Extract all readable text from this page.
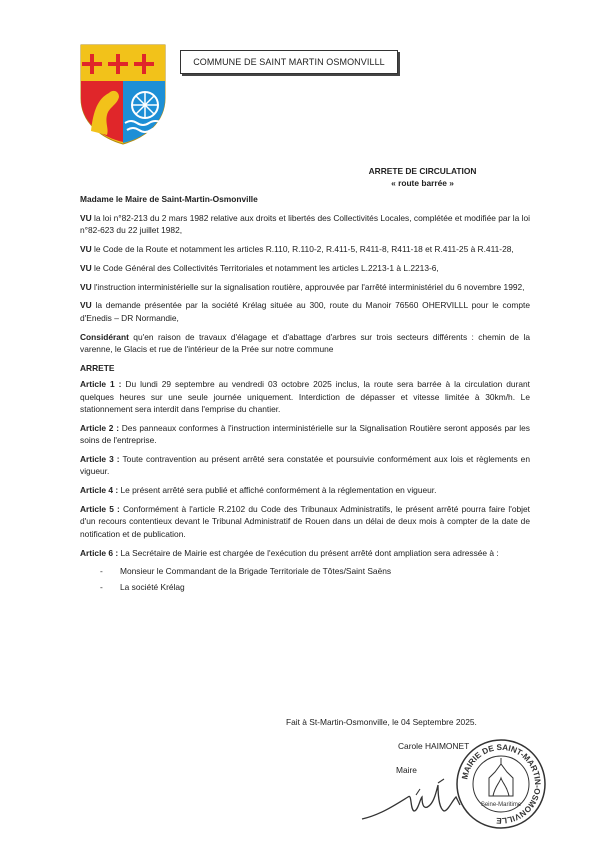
COMMUNE DE SAINT MARTIN OSMONVILLL
ARRETE DE CIRCULATION
« route barrée »

Madame le Maire de Saint-Martin-Osmonville

VU la loi n°82-213 du 2 mars 1982 relative aux droits et libertés des Collectivités Locales, complétée et modifiée par la loi n°82-623 du 22 juillet 1982,

VU le Code de la Route et notamment les articles R.110, R.110-2, R.411-5, R411-8, R411-18 et R.411-25 à R.411-28,

VU le Code Général des Collectivités Territoriales et notamment les articles L.2213-1 à L.2213-6,

VU l'instruction interministérielle sur la signalisation routière, approuvée par l'arrêté interministériel du 6 novembre 1992,

VU la demande présentée par la société Krélag située au 300, route du Manoir 76560 OHERVILLL pour le compte d'Enedis – DR Normandie,

Considérant qu'en raison de travaux d'élagage et d'abattage d'arbres sur trois secteurs différents : chemin de la varenne, le Glacis et rue de l'intérieur de la Prée sur notre commune

ARRETE

Article 1 : Du lundi 29 septembre au vendredi 03 octobre 2025 inclus, la route sera barrée à la circulation durant quelques heures sur une seule journée uniquement. Interdiction de dépasser et vitesse limitée à 30km/h. Le stationnement sera interdit dans l'emprise du chantier.

Article 2 : Des panneaux conformes à l'instruction interministérielle sur la Signalisation Routière seront apposés par les soins de l'entreprise.

Article 3 : Toute contravention au présent arrêté sera constatée et poursuivie conformément aux lois et règlements en vigueur.

Article 4 : Le présent arrêté sera publié et affiché conformément à la réglementation en vigueur.

Article 5 : Conformément à l'article R.2102 du Code des Tribunaux Administratifs, le présent arrêté pourra faire l'objet d'un recours contentieux devant le Tribunal Administratif de Rouen dans un délai de deux mois à compter de la date de notification et de publication.

Article 6 : La Secrétaire de Mairie est chargée de l'exécution du présent arrêté dont ampliation sera adressée à :

- Monsieur le Commandant de la Brigade Territoriale de Tôtes/Saint Saëns
- La société Krélag
Fait à St-Martin-Osmonville, le 04 Septembre 2025.
Carole HAIMONET
Maire
MAIRIE DE SAINT-MARTIN-OSMONVILLE
Seine-Maritime
